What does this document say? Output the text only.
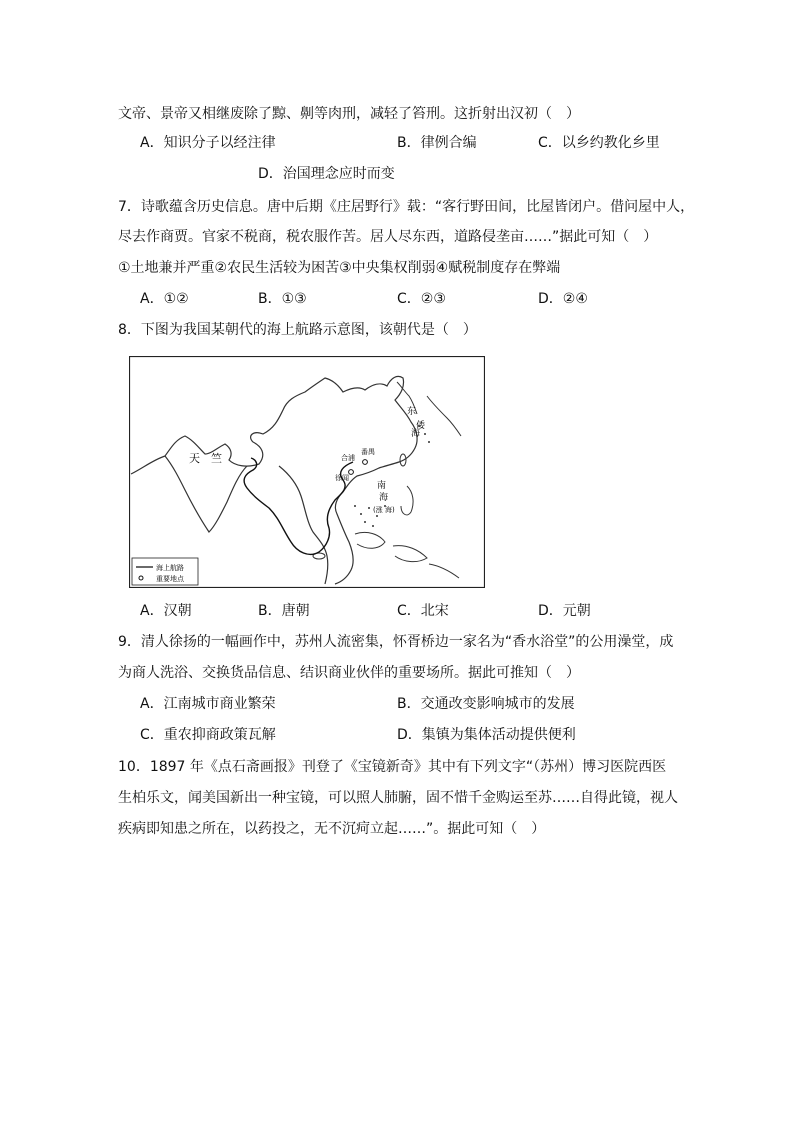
文帝、景帝又相继废除了黥、劓等肉刑，减轻了笞刑。这折射出汉初（　）
A．知识分子以经注律	B．律例合编	C．以乡约教化乡里
D．治国理念应时而变
7．诗歌蕴含历史信息。唐中后期《庄居野行》载：“客行野田间，比屋皆闭户。借问屋中人，
尽去作商贾。官家不税商，税农服作苦。居人尽东西，道路侵垄亩……”据此可知（　）
①土地兼并严重②农民生活较为困苦③中央集权削弱④赋税制度存在弊端
A．①②	B．①③	C．②③	D．②④
8．下图为我国某朝代的海上航路示意图，该朝代是（　）
天　竺
东
倭
海
合浦
番禺
徐闻
南
海
(涨 海)
海上航路
重要地点
A．汉朝	B．唐朝	C．北宋	D．元朝
9．清人徐扬的一幅画作中，苏州人流密集，怀胥桥边一家名为“香水浴堂”的公用澡堂，成
为商人洗浴、交换货品信息、结识商业伙伴的重要场所。据此可推知（　）
A．江南城市商业繁荣	B．交通改变影响城市的发展
C．重农抑商政策瓦解	D．集镇为集体活动提供便利
10．1897 年《点石斋画报》刊登了《宝镜新奇》其中有下列文字“（苏州）博习医院西医
生柏乐文，闻美国新出一种宝镜，可以照人肺腑，固不惜千金购运至苏……自得此镜，视人
疾病即知患之所在，以药投之，无不沉疴立起……”。据此可知（　）
